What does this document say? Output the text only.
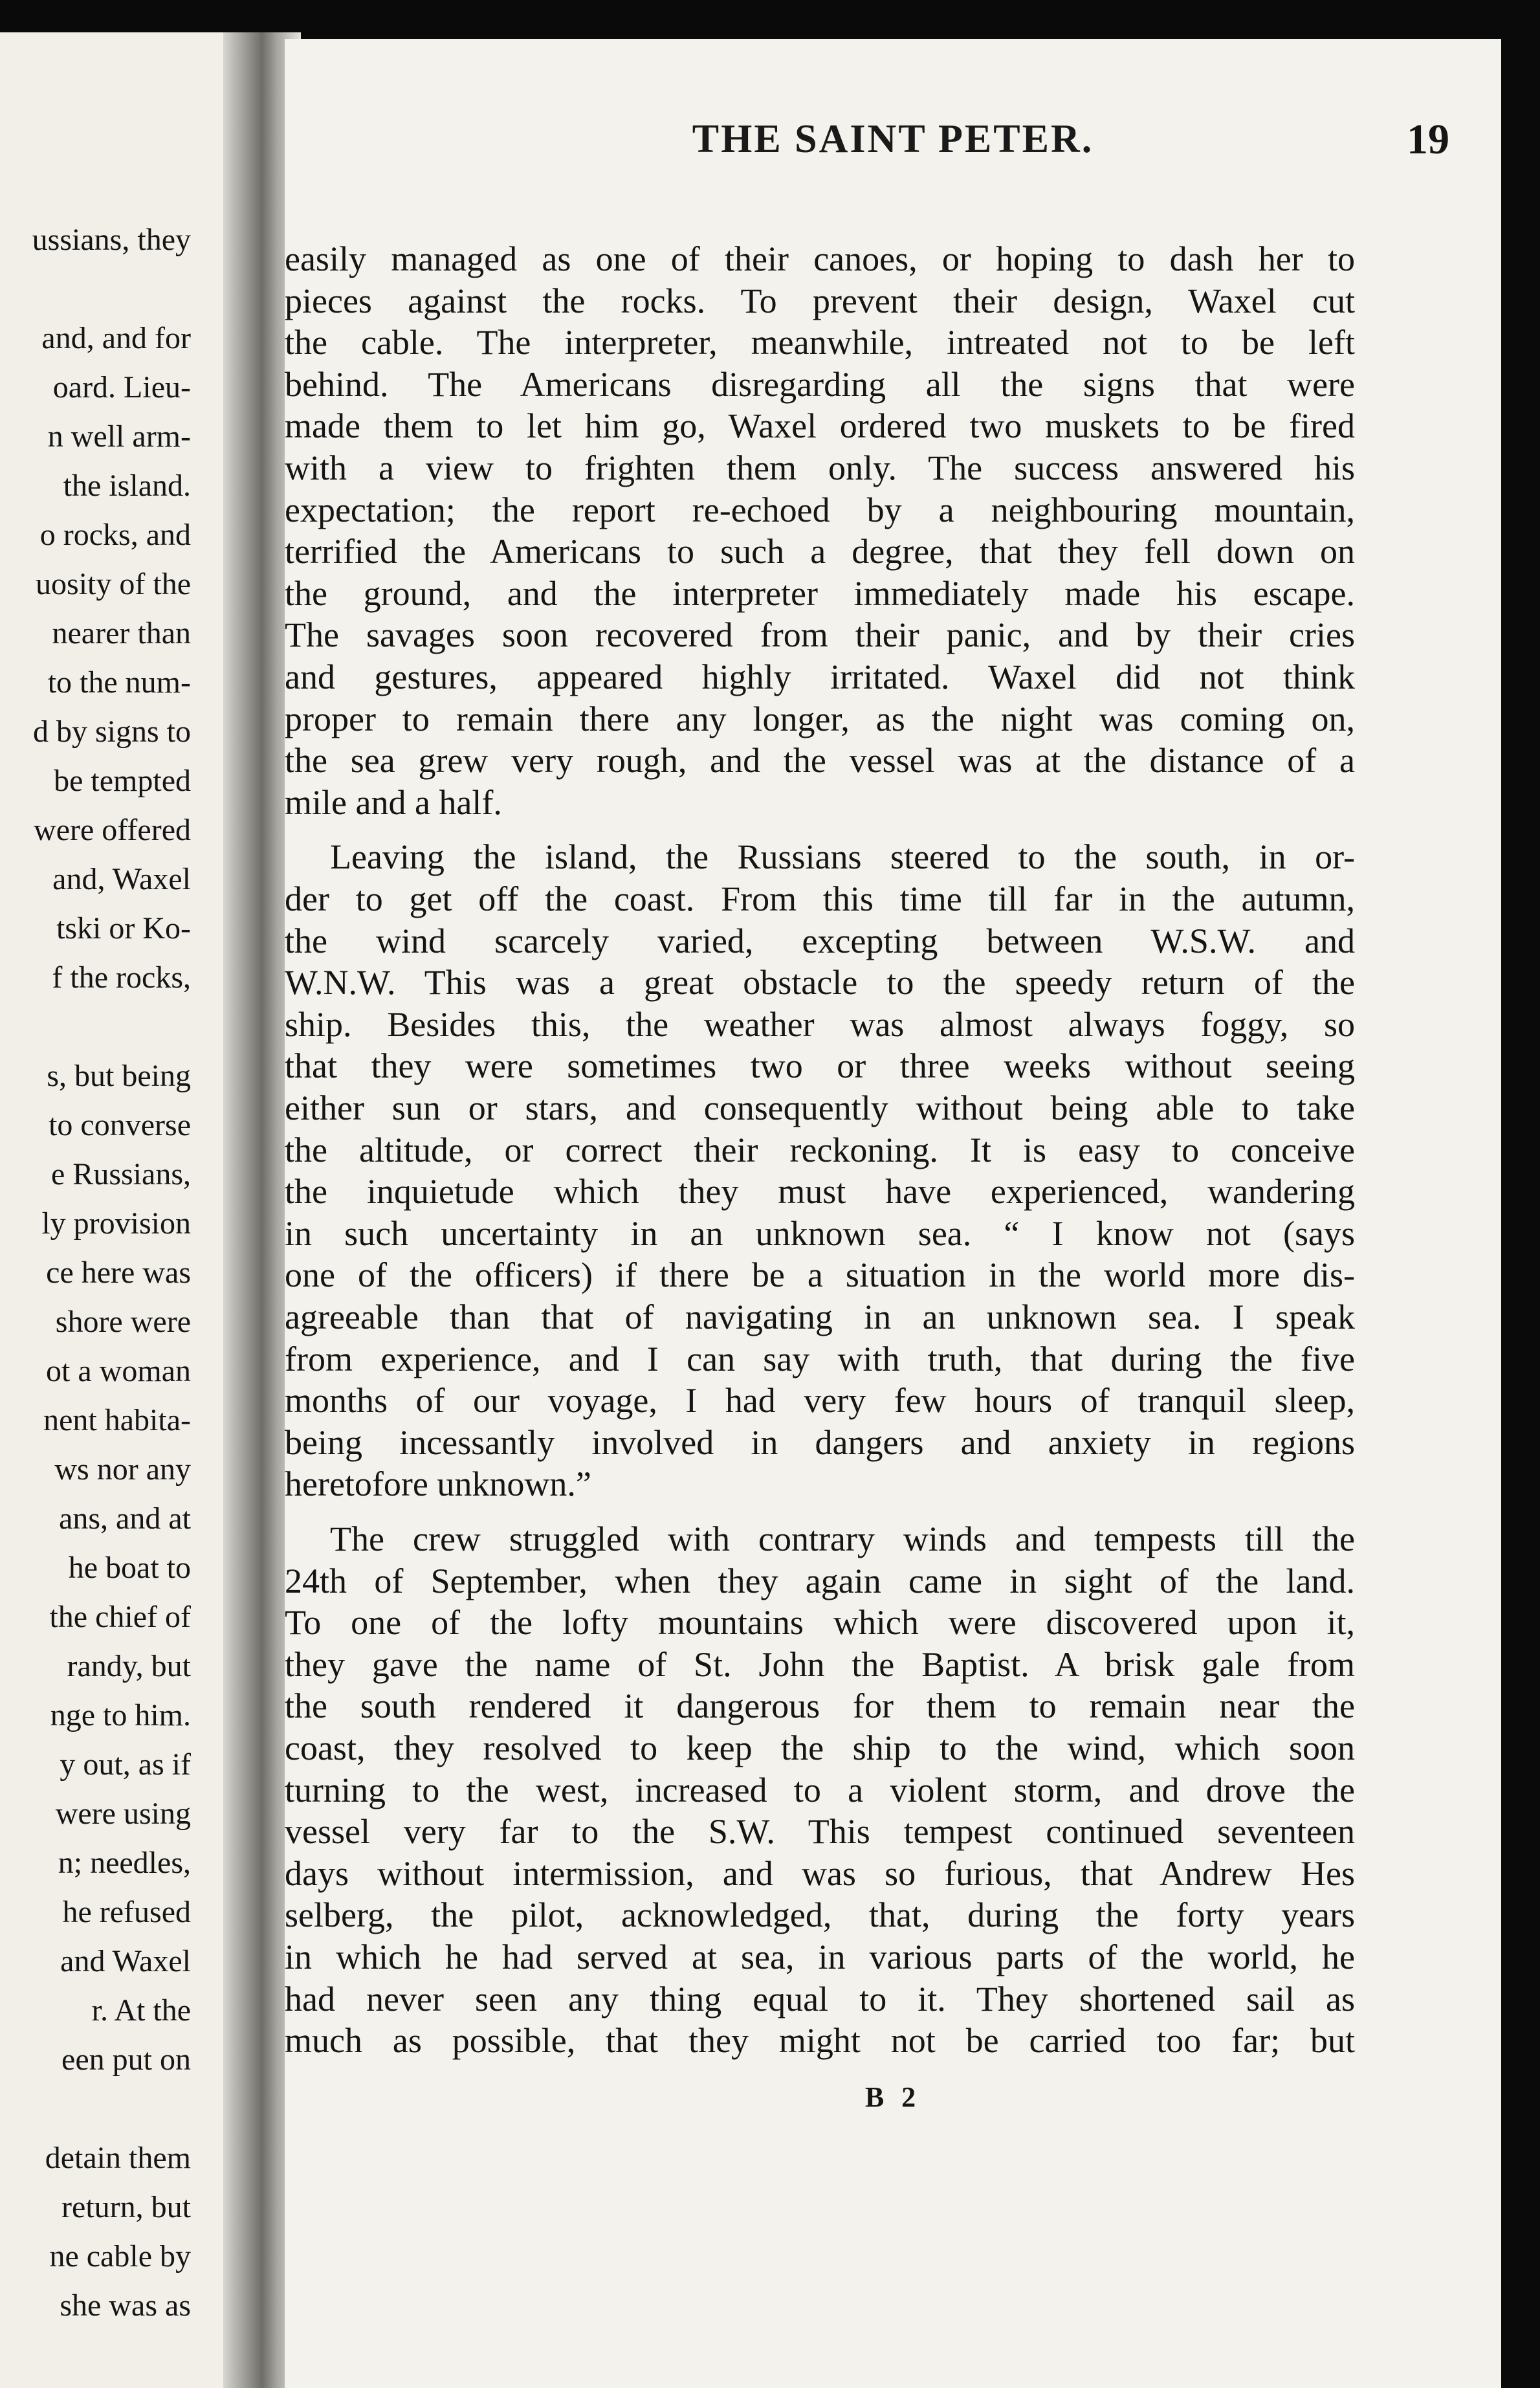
ussians, they
and, and for
oard. Lieu-
n well arm-
the island.
o rocks, and
uosity of the
nearer than
to the num-
d by signs to
be tempted
were offered
and, Waxel
tski or Ko-
f the rocks,
s, but being
to converse
e Russians,
ly provision
ce here was
shore were
ot a woman
nent habita-
ws nor any
ans, and at
he boat to
the chief of
randy, but
nge to him.
y out, as if
were using
n; needles,
he refused
and Waxel
r. At the
een put on
detain them
return, but
ne cable by
she was as
THE SAINT PETER.	19
easily managed as one of their canoes, or hoping to dash her to
pieces against the rocks. To prevent their design, Waxel cut
the cable. The interpreter, meanwhile, intreated not to be left
behind. The Americans disregarding all the signs that were
made them to let him go, Waxel ordered two muskets to be fired
with a view to frighten them only. The success answered his
expectation; the report re-echoed by a neighbouring mountain,
terrified the Americans to such a degree, that they fell down on
the ground, and the interpreter immediately made his escape.
The savages soon recovered from their panic, and by their cries
and gestures, appeared highly irritated. Waxel did not think
proper to remain there any longer, as the night was coming on,
the sea grew very rough, and the vessel was at the distance of a
mile and a half.
Leaving the island, the Russians steered to the south, in or-
der to get off the coast. From this time till far in the autumn,
the wind scarcely varied, excepting between W.S.W. and
W.N.W. This was a great obstacle to the speedy return of the
ship. Besides this, the weather was almost always foggy, so
that they were sometimes two or three weeks without seeing
either sun or stars, and consequently without being able to take
the altitude, or correct their reckoning. It is easy to conceive
the inquietude which they must have experienced, wandering
in such uncertainty in an unknown sea. “ I know not (says
one of the officers) if there be a situation in the world more dis-
agreeable than that of navigating in an unknown sea. I speak
from experience, and I can say with truth, that during the five
months of our voyage, I had very few hours of tranquil sleep,
being incessantly involved in dangers and anxiety in regions
heretofore unknown.”
The crew struggled with contrary winds and tempests till the
24th of September, when they again came in sight of the land.
To one of the lofty mountains which were discovered upon it,
they gave the name of St. John the Baptist. A brisk gale from
the south rendered it dangerous for them to remain near the
coast, they resolved to keep the ship to the wind, which soon
turning to the west, increased to a violent storm, and drove the
vessel very far to the S.W. This tempest continued seventeen
days without intermission, and was so furious, that Andrew Hes
selberg, the pilot, acknowledged, that, during the forty years
in which he had served at sea, in various parts of the world, he
had never seen any thing equal to it. They shortened sail as
much as possible, that they might not be carried too far; but
B 2
